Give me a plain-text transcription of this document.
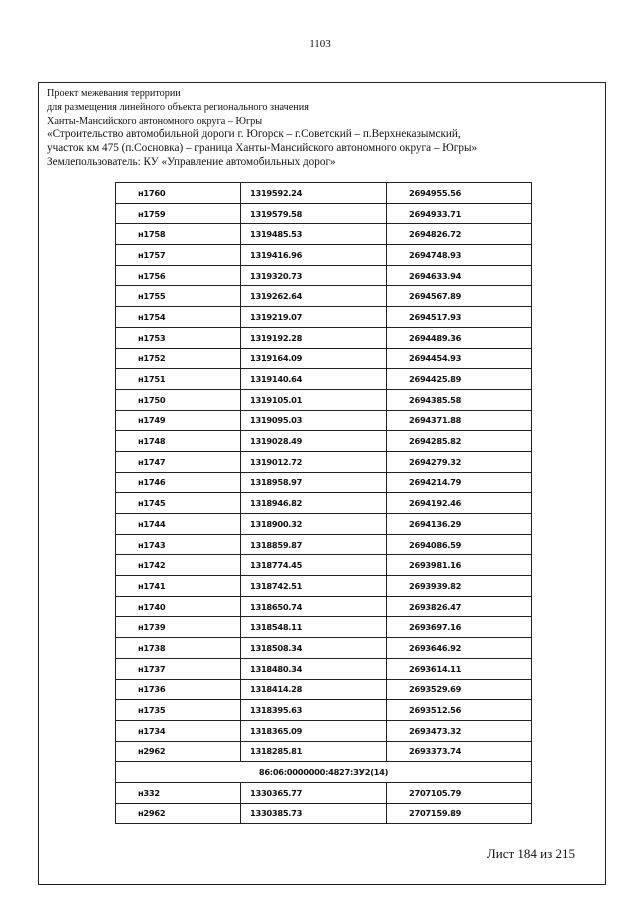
1103
Проект межевания территории
для размещения линейного объекта регионального значения
Ханты-Мансийского автономного округа – Югры
«Строительство автомобильной дороги г. Югорск – г.Советский – п.Верхнеказымский,
участок км 475 (п.Сосновка) – граница Ханты-Мансийского автономного округа – Югры»
Землепользователь: КУ «Управление автомобильных дорог»
н1760	1319592.24	2694955.56
н1759	1319579.58	2694933.71
н1758	1319485.53	2694826.72
н1757	1319416.96	2694748.93
н1756	1319320.73	2694633.94
н1755	1319262.64	2694567.89
н1754	1319219.07	2694517.93
н1753	1319192.28	2694489.36
н1752	1319164.09	2694454.93
н1751	1319140.64	2694425.89
н1750	1319105.01	2694385.58
н1749	1319095.03	2694371.88
н1748	1319028.49	2694285.82
н1747	1319012.72	2694279.32
н1746	1318958.97	2694214.79
н1745	1318946.82	2694192.46
н1744	1318900.32	2694136.29
н1743	1318859.87	2694086.59
н1742	1318774.45	2693981.16
н1741	1318742.51	2693939.82
н1740	1318650.74	2693826.47
н1739	1318548.11	2693697.16
н1738	1318508.34	2693646.92
н1737	1318480.34	2693614.11
н1736	1318414.28	2693529.69
н1735	1318395.63	2693512.56
н1734	1318365.09	2693473.32
н2962	1318285.81	2693373.74
86:06:0000000:4827:ЗУ2(14)		
н332	1330365.77	2707105.79
н2962	1330385.73	2707159.89
Лист 184 из 215
